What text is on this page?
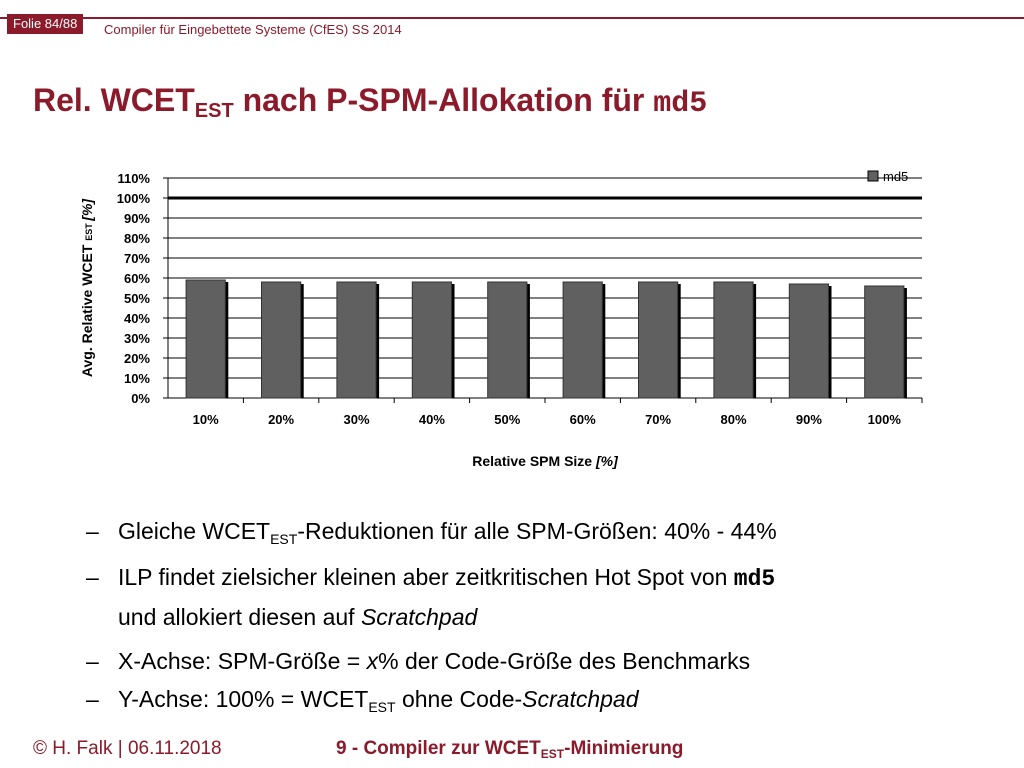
Folie 84/88	Compiler für Eingebettete Systeme (CfES) SS 2014
Rel. $WCET_{EST}$ nach P-SPM-Allokation für md5
0%
10%
20%
30%
40%
50%
60%
70%
80%
90%
100%
110%
10%	20%	30%	40%	50%	60%	70%	80%	90%	100%
Relative SPM Size [%]
Avg. Relative WCET EST [%]
md5
– Gleiche $WCET_{EST}$-Reduktionen für alle SPM-Größen: 40% - 44%
– ILP findet zielsicher kleinen aber zeitkritischen Hot Spot von md5
und allokiert diesen auf Scratchpad
– X-Achse: SPM-Größe = x% der Code-Größe des Benchmarks
– Y-Achse: $100\% = WCET_{EST}$ ohne Code-Scratchpad
© H. Falk | 06.11.2018	9 - Compiler zur $WCET_{EST}$-Minimierung
